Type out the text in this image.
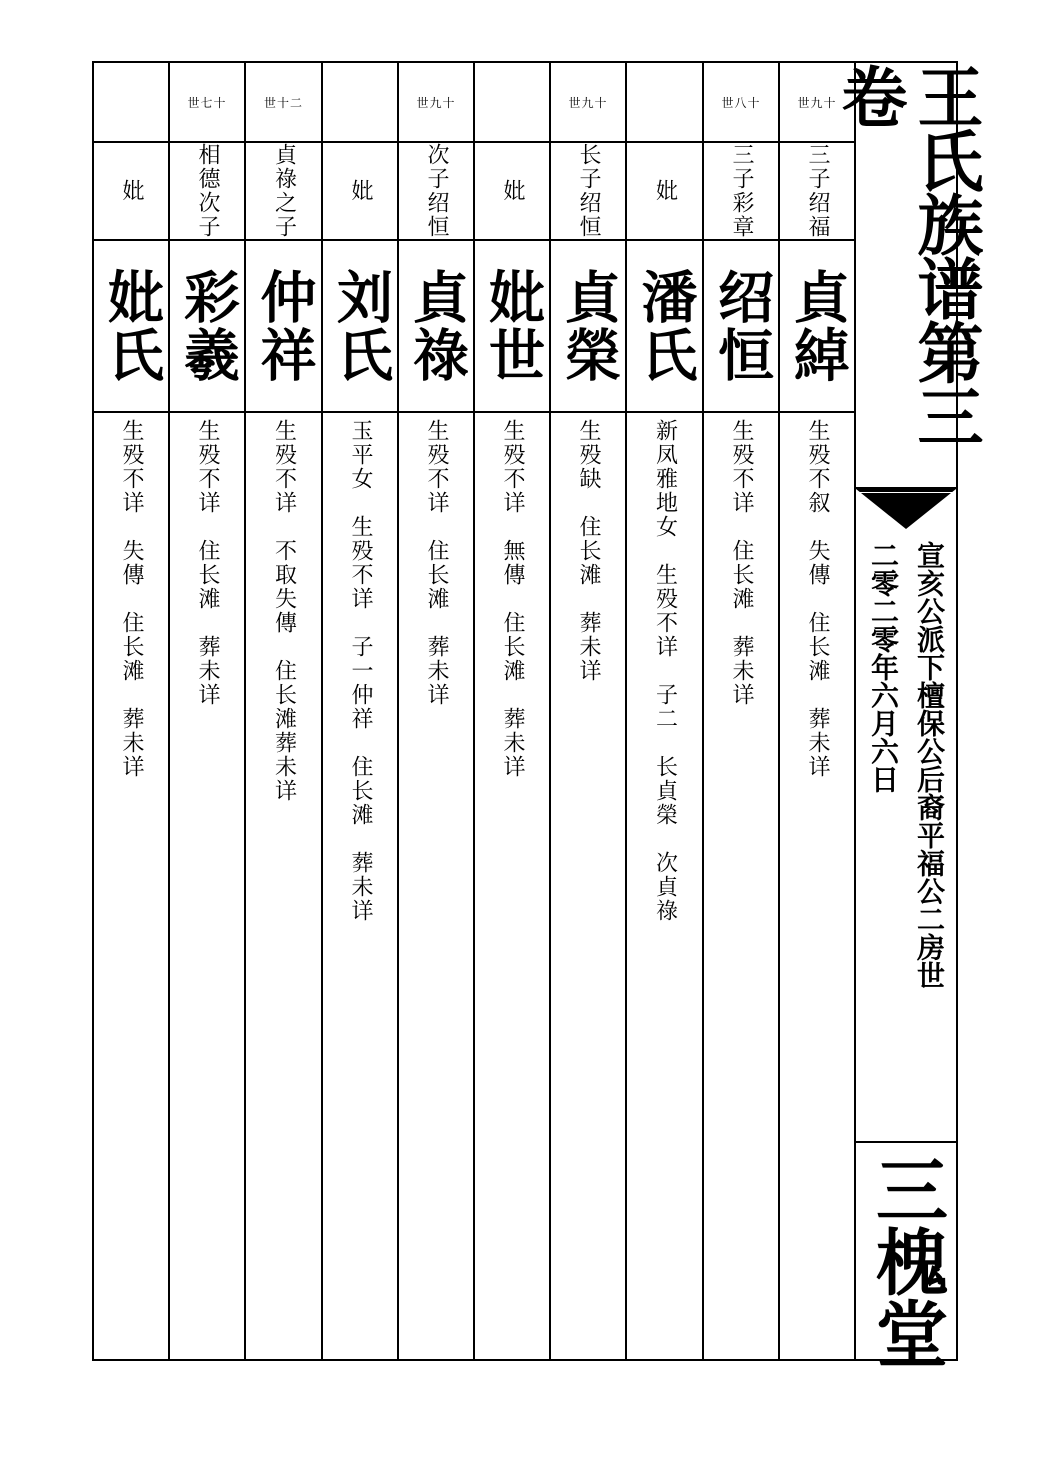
世九十
三子绍福
貞綽
生殁不叙　失傳　住长滩　葬未详
世八十
三子彩章
绍恒
生殁不详　住长滩　葬未详
妣
潘氏
新凤雅地女　生殁不详　子二　长貞榮　次貞祿
世九十
长子绍恒
貞榮
生殁缺　住长滩　葬未详
妣
妣世
生殁不详　無傳　住长滩　葬未详
世九十
次子绍恒
貞祿
生殁不详　住长滩　葬未详
妣
刘氏
玉平女　生殁不详　子一仲祥　住长滩　葬未详
世十二
貞祿之子
仲祥
生殁不详　不取失傳　住长滩葬未详
世七十
相德次子
彩羲
生殁不详　住长滩　葬未详
妣
妣氏
生殁不详　失傳　住长滩　葬未详
王氏族谱第三卷
宣亥公派下檀保公后裔平福公二房世
二零二零年六月六日
三槐堂
